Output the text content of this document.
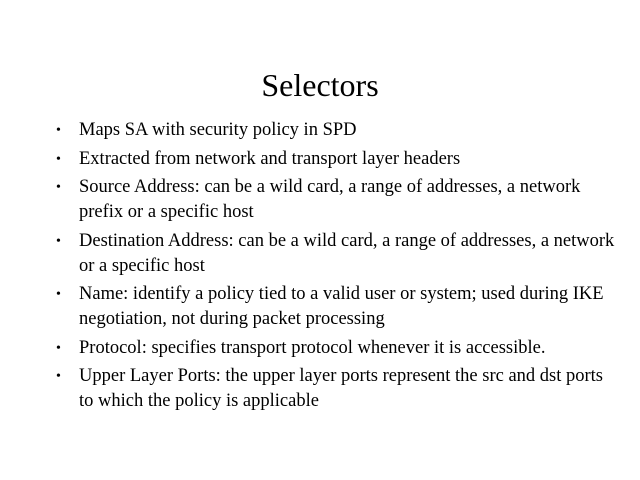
Selectors
• Maps SA with security policy in SPD
• Extracted from network and transport layer headers
• Source Address: can be a wild card, a range of addresses, a network prefix or a specific host
• Destination Address: can be a wild card, a range of addresses, a network or a specific host
• Name: identify a policy tied to a valid user or system; used during IKE negotiation, not during packet processing
• Protocol: specifies transport protocol whenever it is accessible.
• Upper Layer Ports: the upper layer ports represent the src and dst ports to which the policy is applicable
